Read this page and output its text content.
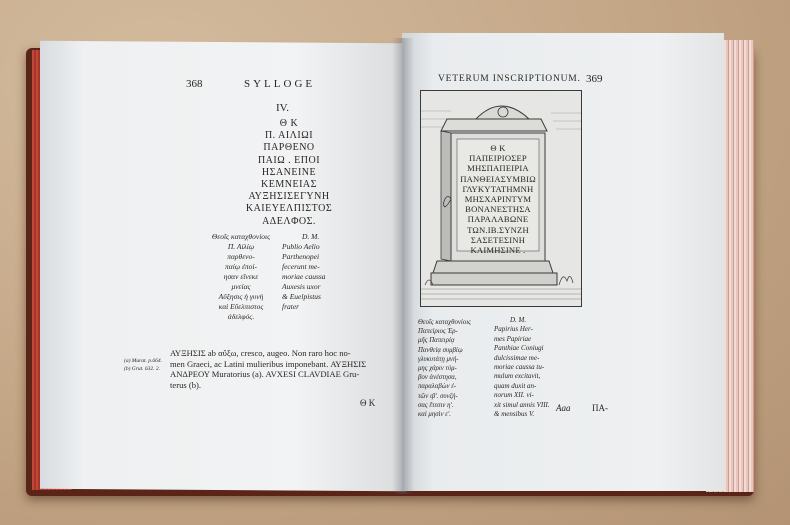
368	SYLLOGE
IV.
Θ Κ
Π. ΑΙΛΙΩΙ
ΠΑΡΘΕΝΟ
ΠΑΙΩ . ΕΠΟΙ
ΗΣΑΝΕΙΝΕ
ΚΕΜΝΕΙΑΣ
ΑΥΞΗΣΙΣΕΓΥΝΗ
ΚΑΙΕΥΕΛΠΙΣΤΟΣ
ΑΔΕΛΦΟΣ.
Θεοῖς καταχθονίοις
Π. Αἰλίῳ
παρθενο-
παίῳ ἐποί-
ησαν εἵνεκε
μνείας
Αὔξησις ἡ γυνὴ
καὶ Εὔελπιστος
ἀδελφός.
D. M.
Publio Aelio
Parthenopei
fecerunt me-
moriae caussa
Auxesis uxor
& Euelpistus
frater
ΑΥΞΗΣΙΣ ab αὔξω, cresco, augeo. Non raro hoc no-
men Graeci, ac Latini mulieribus imponebant. ΑΥΞΗΣΙΣ
ΑΝΔΡΕΟΥ Muratorius (a). AVXESI CLAVDIAE Gru-
terus (b).
(a) Murat. p.664.
(b) Grut. 632. 2.
Θ Κ
VETERUM INSCRIPTIONUM. 369
Θ Κ
ΠΑΠΕΙΡΙΟΣΕΡ
ΜΗΣΠΑΠΕΙΡΙΑ
ΠΑΝΘΕΙΑΣΥΜΒΙΩ
ΓΛΥΚΥΤΑΤΗΜΝΗ
ΜΗΣΧΑΡΙΝΤΥΜ
ΒΟΝΑΝΕΣΤΗΣΑ
ΠΑΡΑΛΑΒΩΝΕ
ΤΩΝ.ΙΒ.ΣΥΝΖΗ
ΣΑΣΕΤΕΣΙΝΗ
ΚΑΙΜΗΣΙΝΕ .
Θεοῖς καταχθονίοις
Παπείριος Ἑρ-
μῆς Παπειρίᾳ
Πανθείᾳ συμβίῳ
γλυκυτάτῃ μνή-
μης χάριν τύμ-
βον ἀνέστησα,
παραλαβὼν ἐ-
τῶν ιβʹ. συνζή-
σας ἔτεσιν ηʹ.
καὶ μησὶν εʹ.
D. M.
Papirius Her-
mes Papiriae
Panthiae Coniugi
dulcissimae me-
moriae caussa tu-
mulum excitavit,
quam duxit an-
norum XII. vi-
xit simul annis VIII.
& mensibus V.
Aaa ΠΑ-
